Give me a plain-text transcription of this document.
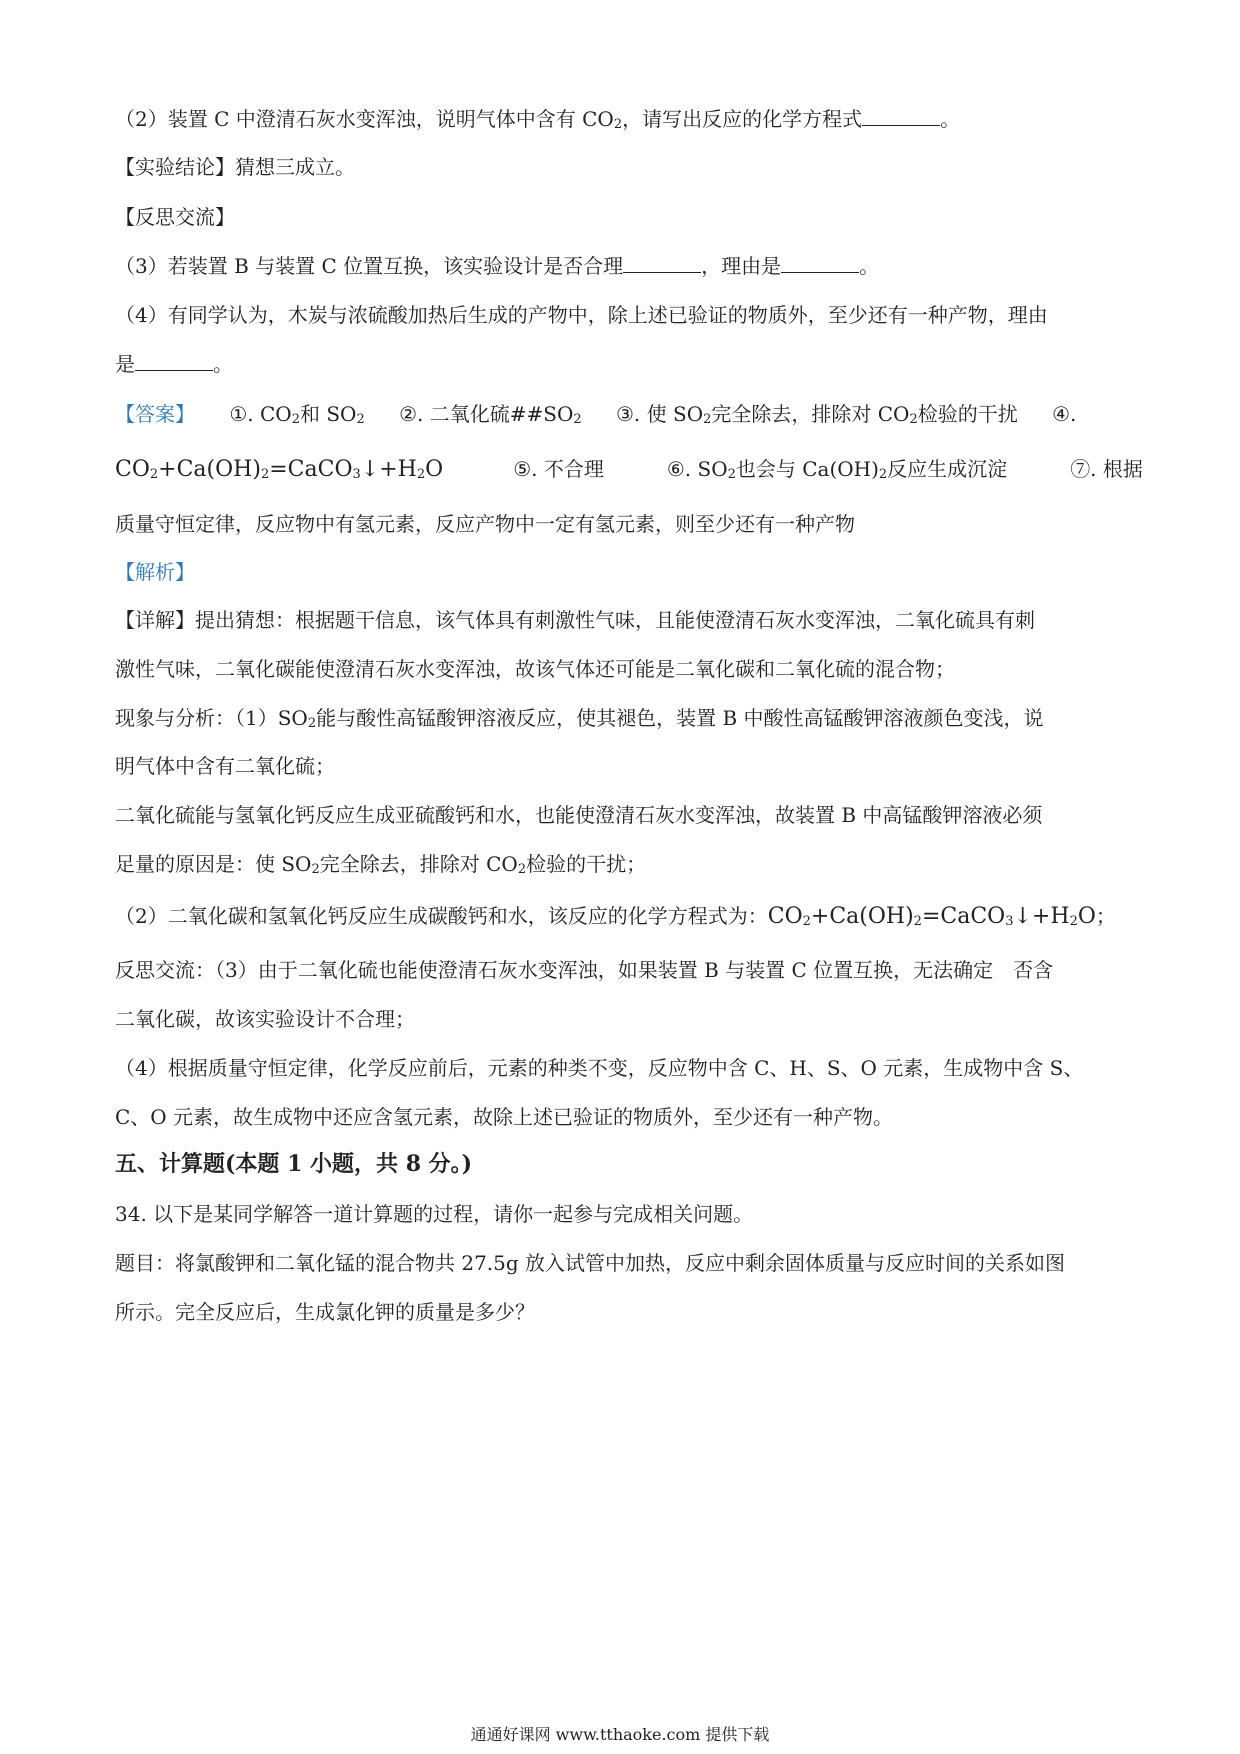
（2）装置 C 中澄清石灰水变浑浊，说明气体中含有 $CO_2$，请写出反应的化学方程式	。
【实验结论】猜想三成立。
【反思交流】
（3）若装置 B 与装置 C 位置互换，该实验设计是否合理	，理由是	。
（4）有同学认为，木炭与浓硫酸加热后生成的产物中，除上述已验证的物质外，至少还有一种产物，理由
是	。
【答案】 ①. $CO_2$和 $SO_2$ ②. 二氧化硫$\#\#SO_2$ ③. 使 $SO_2$完全除去，排除对 $CO_2$检验的干扰 ④.
$CO_2+Ca(OH)_2=CaCO_3↓+H_2O$	⑤. 不合理	⑥. $SO_2$也会与 $Ca(OH)_2$反应生成沉淀	⑦. 根据
质量守恒定律，反应物中有氢元素，反应产物中一定有氢元素，则至少还有一种产物
【解析】
【详解】提出猜想：根据题干信息，该气体具有刺激性气味，且能使澄清石灰水变浑浊，二氧化硫具有刺
激性气味，二氧化碳能使澄清石灰水变浑浊，故该气体还可能是二氧化碳和二氧化硫的混合物；
现象与分析：$(1)SO_2$能与酸性高锰酸钾溶液反应，使其褪色，装置 B 中酸性高锰酸钾溶液颜色变浅，说
明气体中含有二氧化硫；
二氧化硫能与氢氧化钙反应生成亚硫酸钙和水，也能使澄清石灰水变浑浊，故装置 B 中高锰酸钾溶液必须
足量的原因是：使 $SO_2$完全除去，排除对 $CO_2$检验的干扰；
（2）二氧化碳和氢氧化钙反应生成碳酸钙和水，该反应的化学方程式为：$CO_2+Ca(OH)_2=CaCO_3↓+H_2O$；
反思交流：（3）由于二氧化硫也能使澄清石灰水变浑浊，如果装置 B 与装置 C 位置互换，无法确定　否含
二氧化碳，故该实验设计不合理；
（4）根据质量守恒定律，化学反应前后，元素的种类不变，反应物中含 C、H、S、O 元素，生成物中含 S、
C、O 元素，故生成物中还应含氢元素，故除上述已验证的物质外，至少还有一种产物。
五、计算题(本题 1 小题，共 8 分。)
34. 以下是某同学解答一道计算题的过程，请你一起参与完成相关问题。
题目：将氯酸钾和二氧化锰的混合物共 27.5g 放入试管中加热，反应中剩余固体质量与反应时间的关系如图
所示。完全反应后，生成氯化钾的质量是多少？
通通好课网 www.tthaoke.com 提供下载
